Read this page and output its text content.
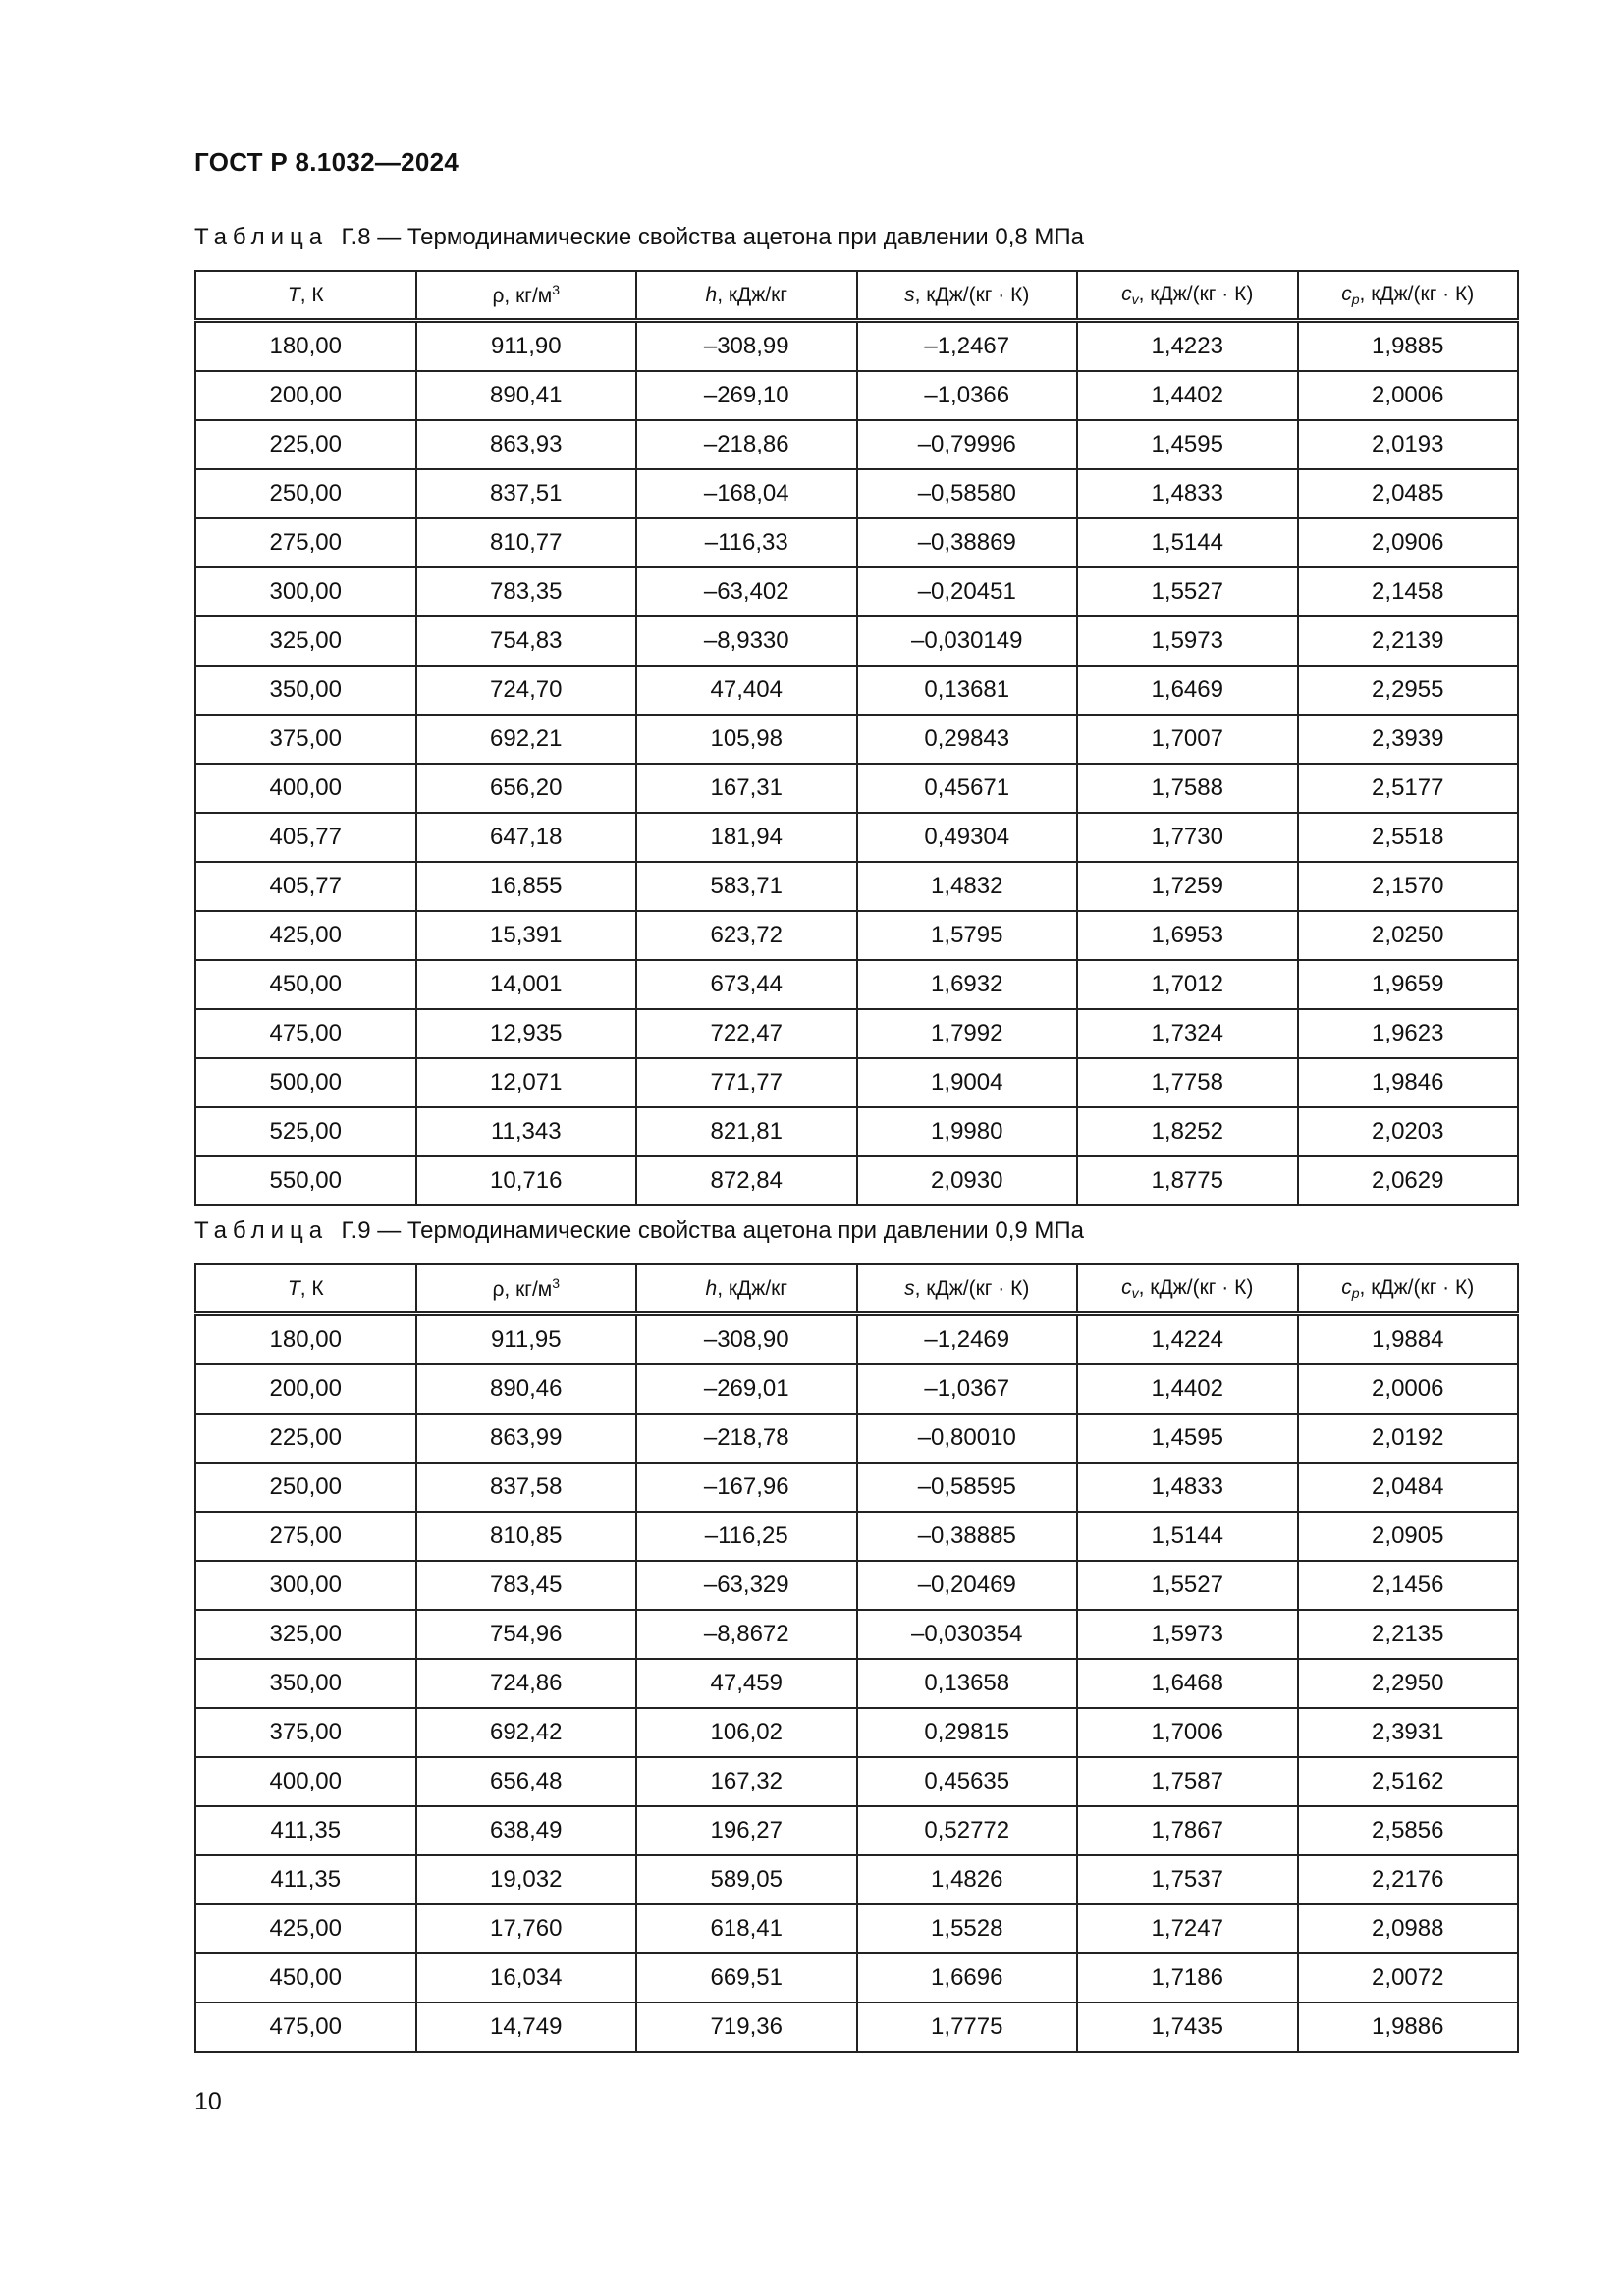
ГОСТ Р 8.1032—2024
Таблица Г.8 — Термодинамические свойства ацетона при давлении 0,8 МПа
T, К	ρ, $кг/м^3$	h, кДж/кг	s, кДж/(кг · К)	$c_v$, кДж/(кг · К)	$c_p$, кДж/(кг · К)
180,00	911,90	–308,99	–1,2467	1,4223	1,9885
200,00	890,41	–269,10	–1,0366	1,4402	2,0006
225,00	863,93	–218,86	–0,79996	1,4595	2,0193
250,00	837,51	–168,04	–0,58580	1,4833	2,0485
275,00	810,77	–116,33	–0,38869	1,5144	2,0906
300,00	783,35	–63,402	–0,20451	1,5527	2,1458
325,00	754,83	–8,9330	–0,030149	1,5973	2,2139
350,00	724,70	47,404	0,13681	1,6469	2,2955
375,00	692,21	105,98	0,29843	1,7007	2,3939
400,00	656,20	167,31	0,45671	1,7588	2,5177
405,77	647,18	181,94	0,49304	1,7730	2,5518
405,77	16,855	583,71	1,4832	1,7259	2,1570
425,00	15,391	623,72	1,5795	1,6953	2,0250
450,00	14,001	673,44	1,6932	1,7012	1,9659
475,00	12,935	722,47	1,7992	1,7324	1,9623
500,00	12,071	771,77	1,9004	1,7758	1,9846
525,00	11,343	821,81	1,9980	1,8252	2,0203
550,00	10,716	872,84	2,0930	1,8775	2,0629
Таблица Г.9 — Термодинамические свойства ацетона при давлении 0,9 МПа
T, К	ρ, $кг/м^3$	h, кДж/кг	s, кДж/(кг · К)	$c_v$, кДж/(кг · К)	$c_p$, кДж/(кг · К)
180,00	911,95	–308,90	–1,2469	1,4224	1,9884
200,00	890,46	–269,01	–1,0367	1,4402	2,0006
225,00	863,99	–218,78	–0,80010	1,4595	2,0192
250,00	837,58	–167,96	–0,58595	1,4833	2,0484
275,00	810,85	–116,25	–0,38885	1,5144	2,0905
300,00	783,45	–63,329	–0,20469	1,5527	2,1456
325,00	754,96	–8,8672	–0,030354	1,5973	2,2135
350,00	724,86	47,459	0,13658	1,6468	2,2950
375,00	692,42	106,02	0,29815	1,7006	2,3931
400,00	656,48	167,32	0,45635	1,7587	2,5162
411,35	638,49	196,27	0,52772	1,7867	2,5856
411,35	19,032	589,05	1,4826	1,7537	2,2176
425,00	17,760	618,41	1,5528	1,7247	2,0988
450,00	16,034	669,51	1,6696	1,7186	2,0072
475,00	14,749	719,36	1,7775	1,7435	1,9886
10
